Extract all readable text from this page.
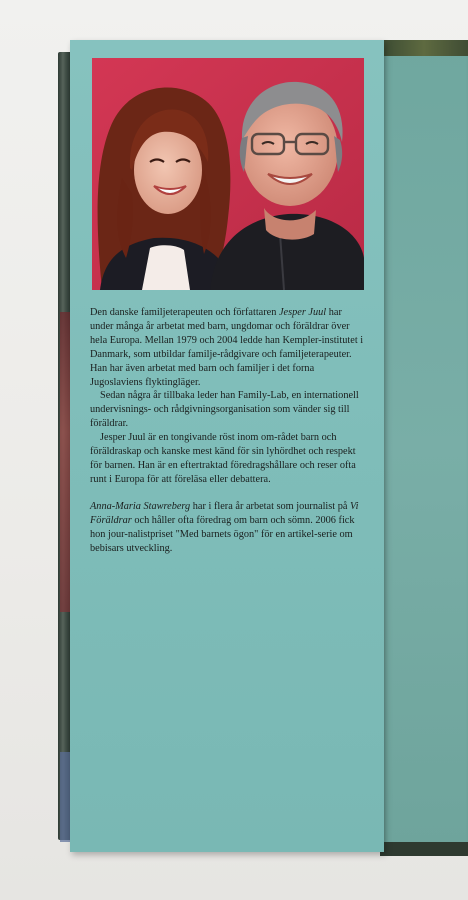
Den danske familjeterapeuten och författaren Jesper Juul har under många år arbetat med barn, ungdomar och föräldrar över hela Europa. Mellan 1979 och 2004 ledde han Kempler-institutet i Danmark, som utbildar familje-rådgivare och familjeterapeuter. Han har även arbetat med barn och familjer i det forna Jugoslaviens flyktingläger.

Sedan några år tillbaka leder han Family-Lab, en internationell undervisnings- och rådgivningsorganisation som vänder sig till föräldrar.

Jesper Juul är en tongivande röst inom om-rådet barn och föräldraskap och kanske mest känd för sin lyhördhet och respekt för barnen. Han är en eftertraktad föredragshållare och reser ofta runt i Europa för att föreläsa eller debattera.

Anna-Maria Stawreberg har i flera år arbetat som journalist på Vi Föräldrar och håller ofta föredrag om barn och sömn. 2006 fick hon jour-nalistpriset "Med barnets ögon" för en artikel-serie om bebisars utveckling.
